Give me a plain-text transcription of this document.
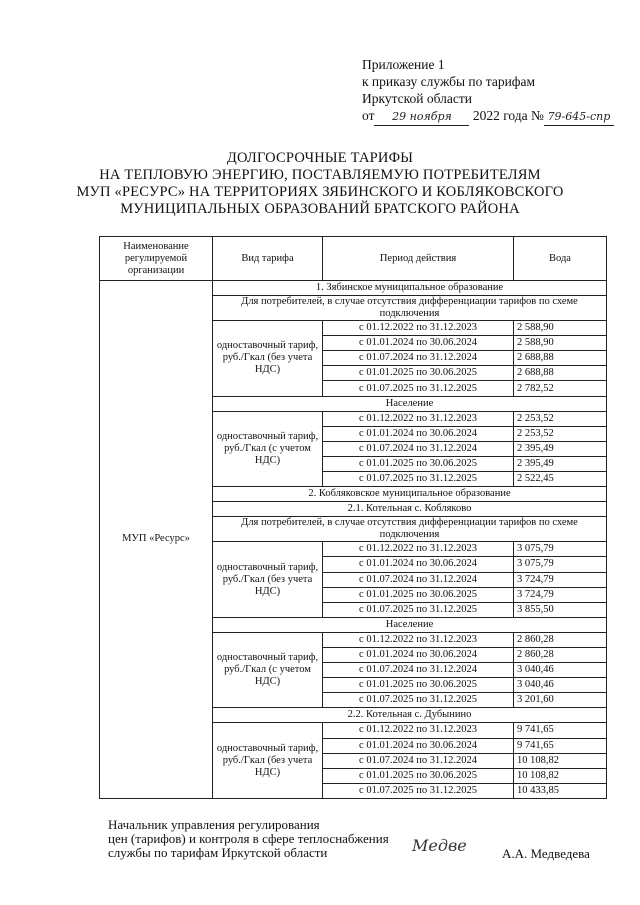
Приложение 1
к приказу службы по тарифам
Иркутской области
от 29 ноября 2022 года № 79-645-спр
ДОЛГОСРОЧНЫЕ ТАРИФЫ
НА ТЕПЛОВУЮ ЭНЕРГИЮ, ПОСТАВЛЯЕМУЮ ПОТРЕБИТЕЛЯМ
МУП «РЕСУРС» НА ТЕРРИТОРИЯХ ЗЯБИНСКОГО И КОБЛЯКОВСКОГО
МУНИЦИПАЛЬНЫХ ОБРАЗОВАНИЙ БРАТСКОГО РАЙОНА
Наименование регулируемой организации	Вид тарифа	Период действия	Вода
МУП «Ресурс»	1. Зябинское муниципальное образование		
	Для потребителей, в случае отсутствия дифференциации тарифов по схеме подключения		
	одноставочный тариф, руб./Гкал (без учета НДС)	с 01.12.2022 по 31.12.2023	2 588,90
		с 01.01.2024 по 30.06.2024	2 588,90
		с 01.07.2024 по 31.12.2024	2 688,88
		с 01.01.2025 по 30.06.2025	2 688,88
		с 01.07.2025 по 31.12.2025	2 782,52
	Население		
	одноставочный тариф, руб./Гкал (с учетом НДС)	с 01.12.2022 по 31.12.2023	2 253,52
		с 01.01.2024 по 30.06.2024	2 253,52
		с 01.07.2024 по 31.12.2024	2 395,49
		с 01.01.2025 по 30.06.2025	2 395,49
		с 01.07.2025 по 31.12.2025	2 522,45
	2. Кобляковское муниципальное образование		
	2.1. Котельная с. Кобляково		
	Для потребителей, в случае отсутствия дифференциации тарифов по схеме подключения		
	одноставочный тариф, руб./Гкал (без учета НДС)	с 01.12.2022 по 31.12.2023	3 075,79
		с 01.01.2024 по 30.06.2024	3 075,79
		с 01.07.2024 по 31.12.2024	3 724,79
		с 01.01.2025 по 30.06.2025	3 724,79
		с 01.07.2025 по 31.12.2025	3 855,50
	Население		
	одноставочный тариф, руб./Гкал (с учетом НДС)	с 01.12.2022 по 31.12.2023	2 860,28
		с 01.01.2024 по 30.06.2024	2 860,28
		с 01.07.2024 по 31.12.2024	3 040,46
		с 01.01.2025 по 30.06.2025	3 040,46
		с 01.07.2025 по 31.12.2025	3 201,60
	2.2. Котельная с. Дубынино		
	одноставочный тариф, руб./Гкал (без учета НДС)	с 01.12.2022 по 31.12.2023	9 741,65
		с 01.01.2024 по 30.06.2024	9 741,65
		с 01.07.2024 по 31.12.2024	10 108,82
		с 01.01.2025 по 30.06.2025	10 108,82
		с 01.07.2025 по 31.12.2025	10 433,85
Начальник управления регулирования
цен (тарифов) и контроля в сфере теплоснабжения
службы по тарифам Иркутской области	Медве	А.А. Медведева
